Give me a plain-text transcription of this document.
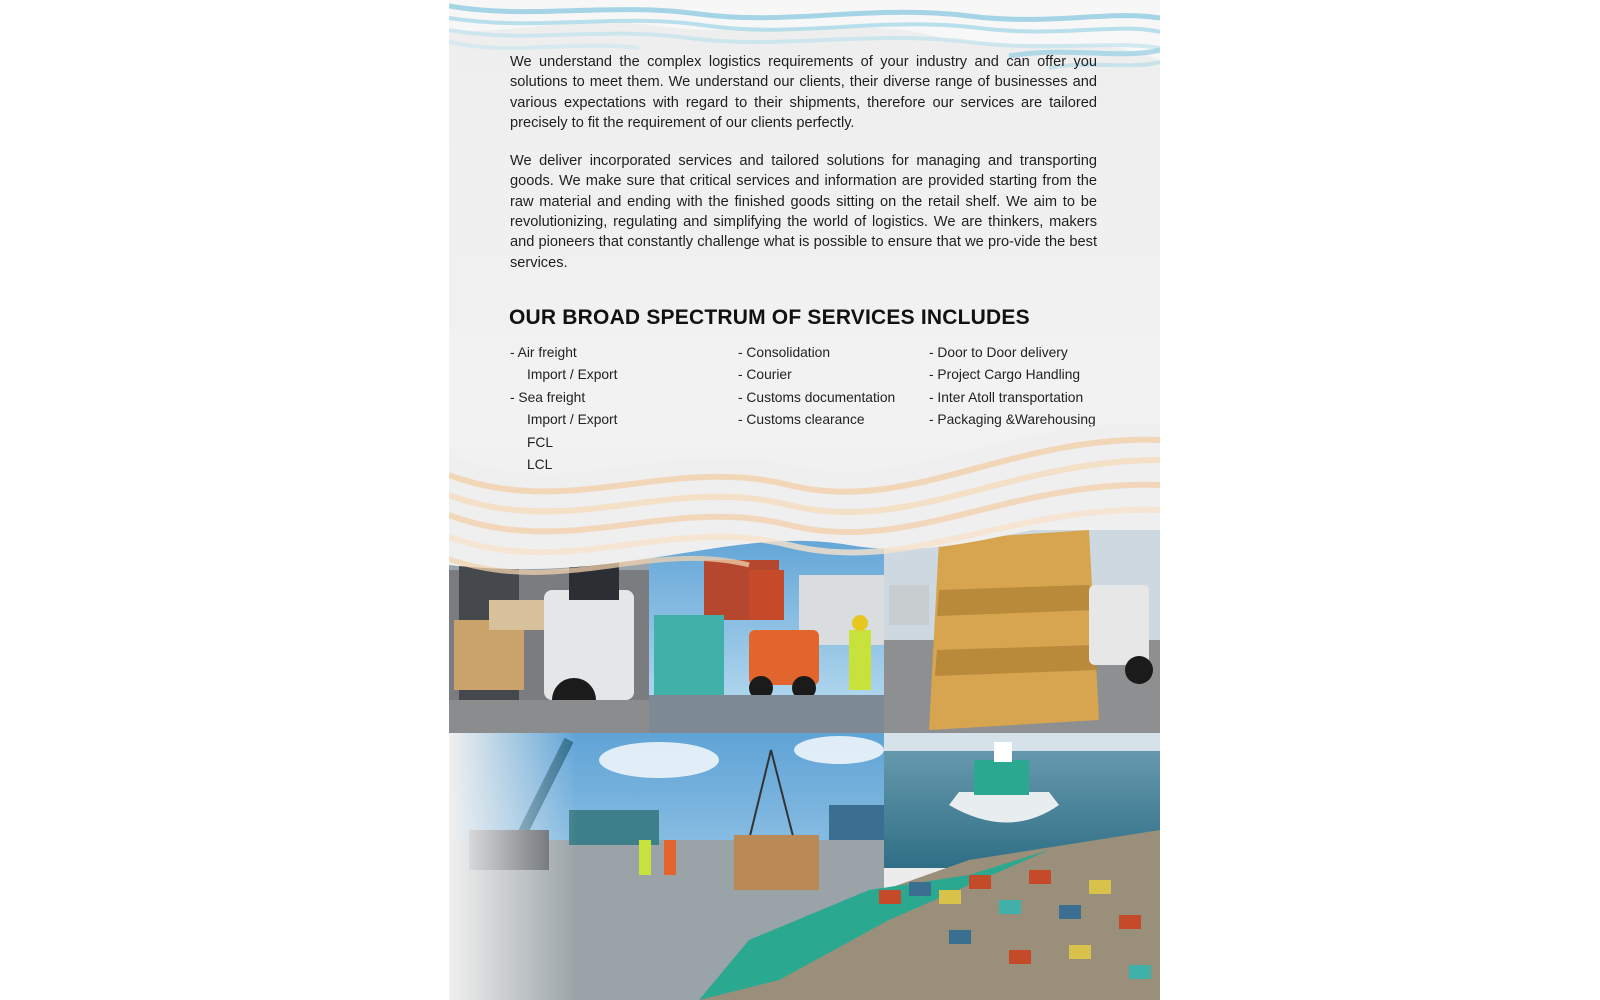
We understand the complex logistics requirements of your industry and can offer you solutions to meet them. We understand our clients, their diverse range of businesses and various expectations with regard to their shipments, therefore our services are tailored precisely to fit the requirement of our clients perfectly.

We deliver incorporated services and tailored solutions for managing and transporting goods. We make sure that critical services and information are provided starting from the raw material and ending with the finished goods sitting on the retail shelf. We aim to be revolutionizing, regulating and simplifying the world of logistics. We are thinkers, makers and pioneers that constantly challenge what is possible to ensure that we pro-vide the best services.

OUR BROAD SPECTRUM OF SERVICES INCLUDES
- Air freight
Import / Export
- Sea freight
Import / Export
FCL
LCL
- Consolidation
- Courier
- Customs documentation
- Customs clearance
- Door to Door delivery
- Project Cargo Handling
- Inter Atoll transportation
- Packaging &Warehousing
